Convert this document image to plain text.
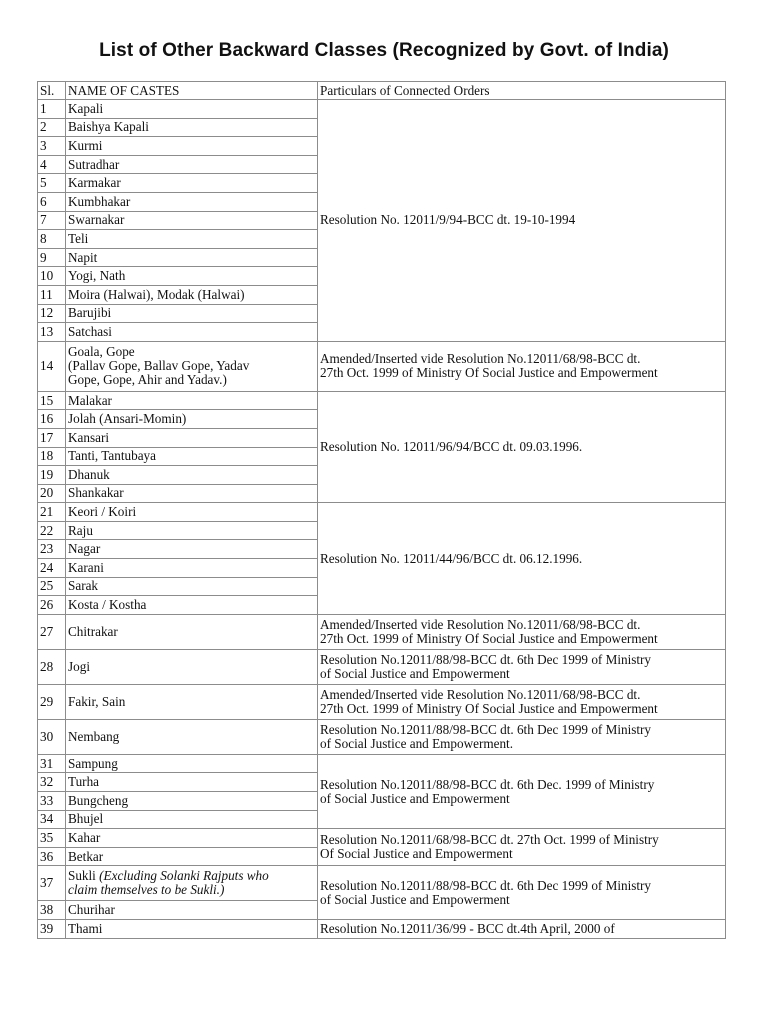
List of Other Backward Classes (Recognized by Govt. of India)
Sl.	NAME OF CASTES	Particulars of Connected Orders
1	Kapali	Resolution No. 12011/9/94-BCC dt. 19-10-1994
2	Baishya Kapali	
3	Kurmi	
4	Sutradhar	
5	Karmakar	
6	Kumbhakar	
7	Swarnakar	
8	Teli	
9	Napit	
10	Yogi, Nath	
11	Moira (Halwai), Modak (Halwai)	
12	Barujibi	
13	Satchasi	
14	Goala, Gope
(Pallav Gope, Ballav Gope, Yadav
Gope, Gope, Ahir and Yadav.)	Amended/Inserted vide Resolution No.12011/68/98-BCC dt.
27th Oct. 1999 of Ministry Of Social Justice and Empowerment
15	Malakar	Resolution No. 12011/96/94/BCC dt. 09.03.1996.
16	Jolah (Ansari-Momin)	
17	Kansari	
18	Tanti, Tantubaya	
19	Dhanuk	
20	Shankakar	
21	Keori / Koiri	Resolution No. 12011/44/96/BCC dt. 06.12.1996.
22	Raju	
23	Nagar	
24	Karani	
25	Sarak	
26	Kosta / Kostha	
27	Chitrakar	Amended/Inserted vide Resolution No.12011/68/98-BCC dt.
27th Oct. 1999 of Ministry Of Social Justice and Empowerment
28	Jogi	Resolution No.12011/88/98-BCC dt. 6th Dec 1999 of Ministry
of Social Justice and Empowerment
29	Fakir, Sain	Amended/Inserted vide Resolution No.12011/68/98-BCC dt.
27th Oct. 1999 of Ministry Of Social Justice and Empowerment
30	Nembang	Resolution No.12011/88/98-BCC dt. 6th Dec 1999 of Ministry
of Social Justice and Empowerment.
31	Sampung	Resolution No.12011/88/98-BCC dt. 6th Dec. 1999 of Ministry
of Social Justice and Empowerment
32	Turha	
33	Bungcheng	
34	Bhujel	
35	Kahar	Resolution No.12011/68/98-BCC dt. 27th Oct. 1999 of Ministry
Of Social Justice and Empowerment
36	Betkar	
37	Sukli (Excluding Solanki Rajputs who
claim themselves to be Sukli.)	Resolution No.12011/88/98-BCC dt. 6th Dec 1999 of Ministry
of Social Justice and Empowerment
38	Churihar	
39	Thami	Resolution No.12011/36/99 - BCC dt.4th April, 2000 of
